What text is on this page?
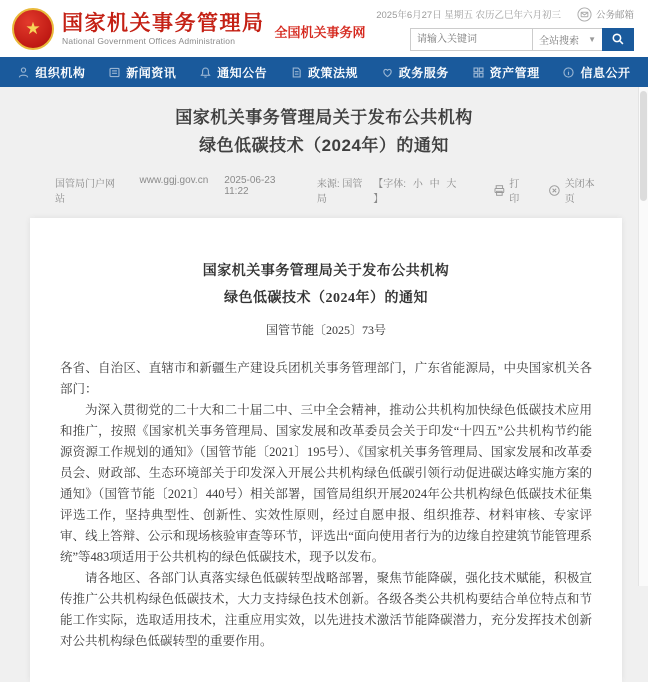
★	国家机关事务管理局
National Government Offices Administration
全国机关事务网
2025年6月27日 星期五 农历乙巳年六月初三	公务邮箱
请输入关键词
全站搜索 ▼
组织机构	新闻资讯	通知公告	政策法规	政务服务	资产管理	信息公开
国家机关事务管理局关于发布公共机构
绿色低碳技术（2024年）的通知
国管局门户网站
www.ggj.gov.cn 2025-06-23 11:22
来源: 国管局
【字体: 小 中 大 】
打印
关闭本页
国家机关事务管理局关于发布公共机构
绿色低碳技术（2024年）的通知
国管节能〔2025〕73号

各省、自治区、直辖市和新疆生产建设兵团机关事务管理部门，广东省能源局，中央国家机关各部门：

为深入贯彻党的二十大和二十届二中、三中全会精神，推动公共机构加快绿色低碳技术应用和推广，按照《国家机关事务管理局、国家发展和改革委员会关于印发“十四五”公共机构节约能源资源工作规划的通知》（国管节能〔2021〕195号）、《国家机关事务管理局、国家发展和改革委员会、财政部、生态环境部关于印发深入开展公共机构绿色低碳引领行动促进碳达峰实施方案的通知》（国管节能〔2021〕440号）相关部署，国管局组织开展2024年公共机构绿色低碳技术征集评选工作，坚持典型性、创新性、实效性原则，经过自愿申报、组织推荐、材料审核、专家评审、线上答辩、公示和现场核验审查等环节，评选出“面向使用者行为的边缘自控建筑节能管理系统”等483项适用于公共机构的绿色低碳技术，现予以发布。

请各地区、各部门认真落实绿色低碳转型战略部署，聚焦节能降碳，强化技术赋能，积极宣传推广公共机构绿色低碳技术，大力支持绿色技术创新。各级各类公共机构要结合单位特点和节能工作实际，选取适用技术，注重应用实效，以先进技术激活节能降碳潜力，充分发挥技术创新对公共机构绿色低碳转型的重要作用。
